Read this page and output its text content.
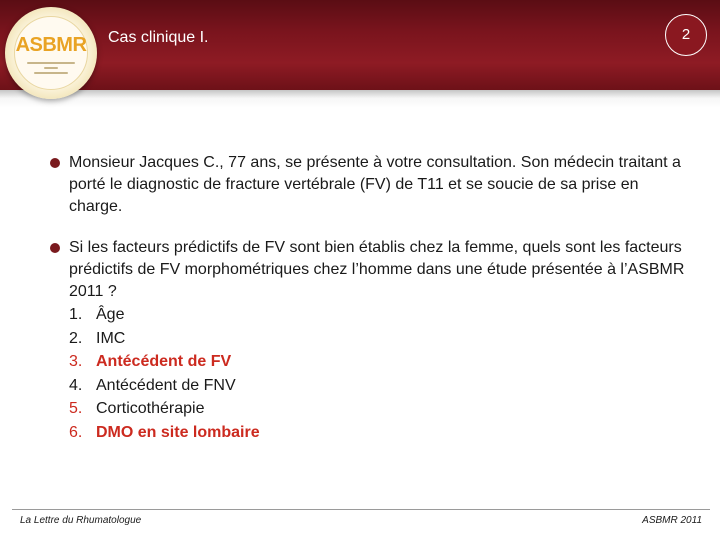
ASBMR	Cas clinique I.	2
Monsieur Jacques C., 77 ans, se présente à votre consultation. Son médecin traitant a porté le diagnostic de fracture vertébrale (FV) de T11 et se soucie de sa prise en charge.
Si les facteurs prédictifs de FV sont bien établis chez la femme, quels sont les facteurs prédictifs de FV morphométriques chez l’homme dans une étude présentée à l’ASBMR 2011 ?
1. Âge
2. IMC
3. Antécédent de FV
4. Antécédent de FNV
5. Corticothérapie
6. DMO en site lombaire
La Lettre du Rhumatologue	ASBMR 2011
